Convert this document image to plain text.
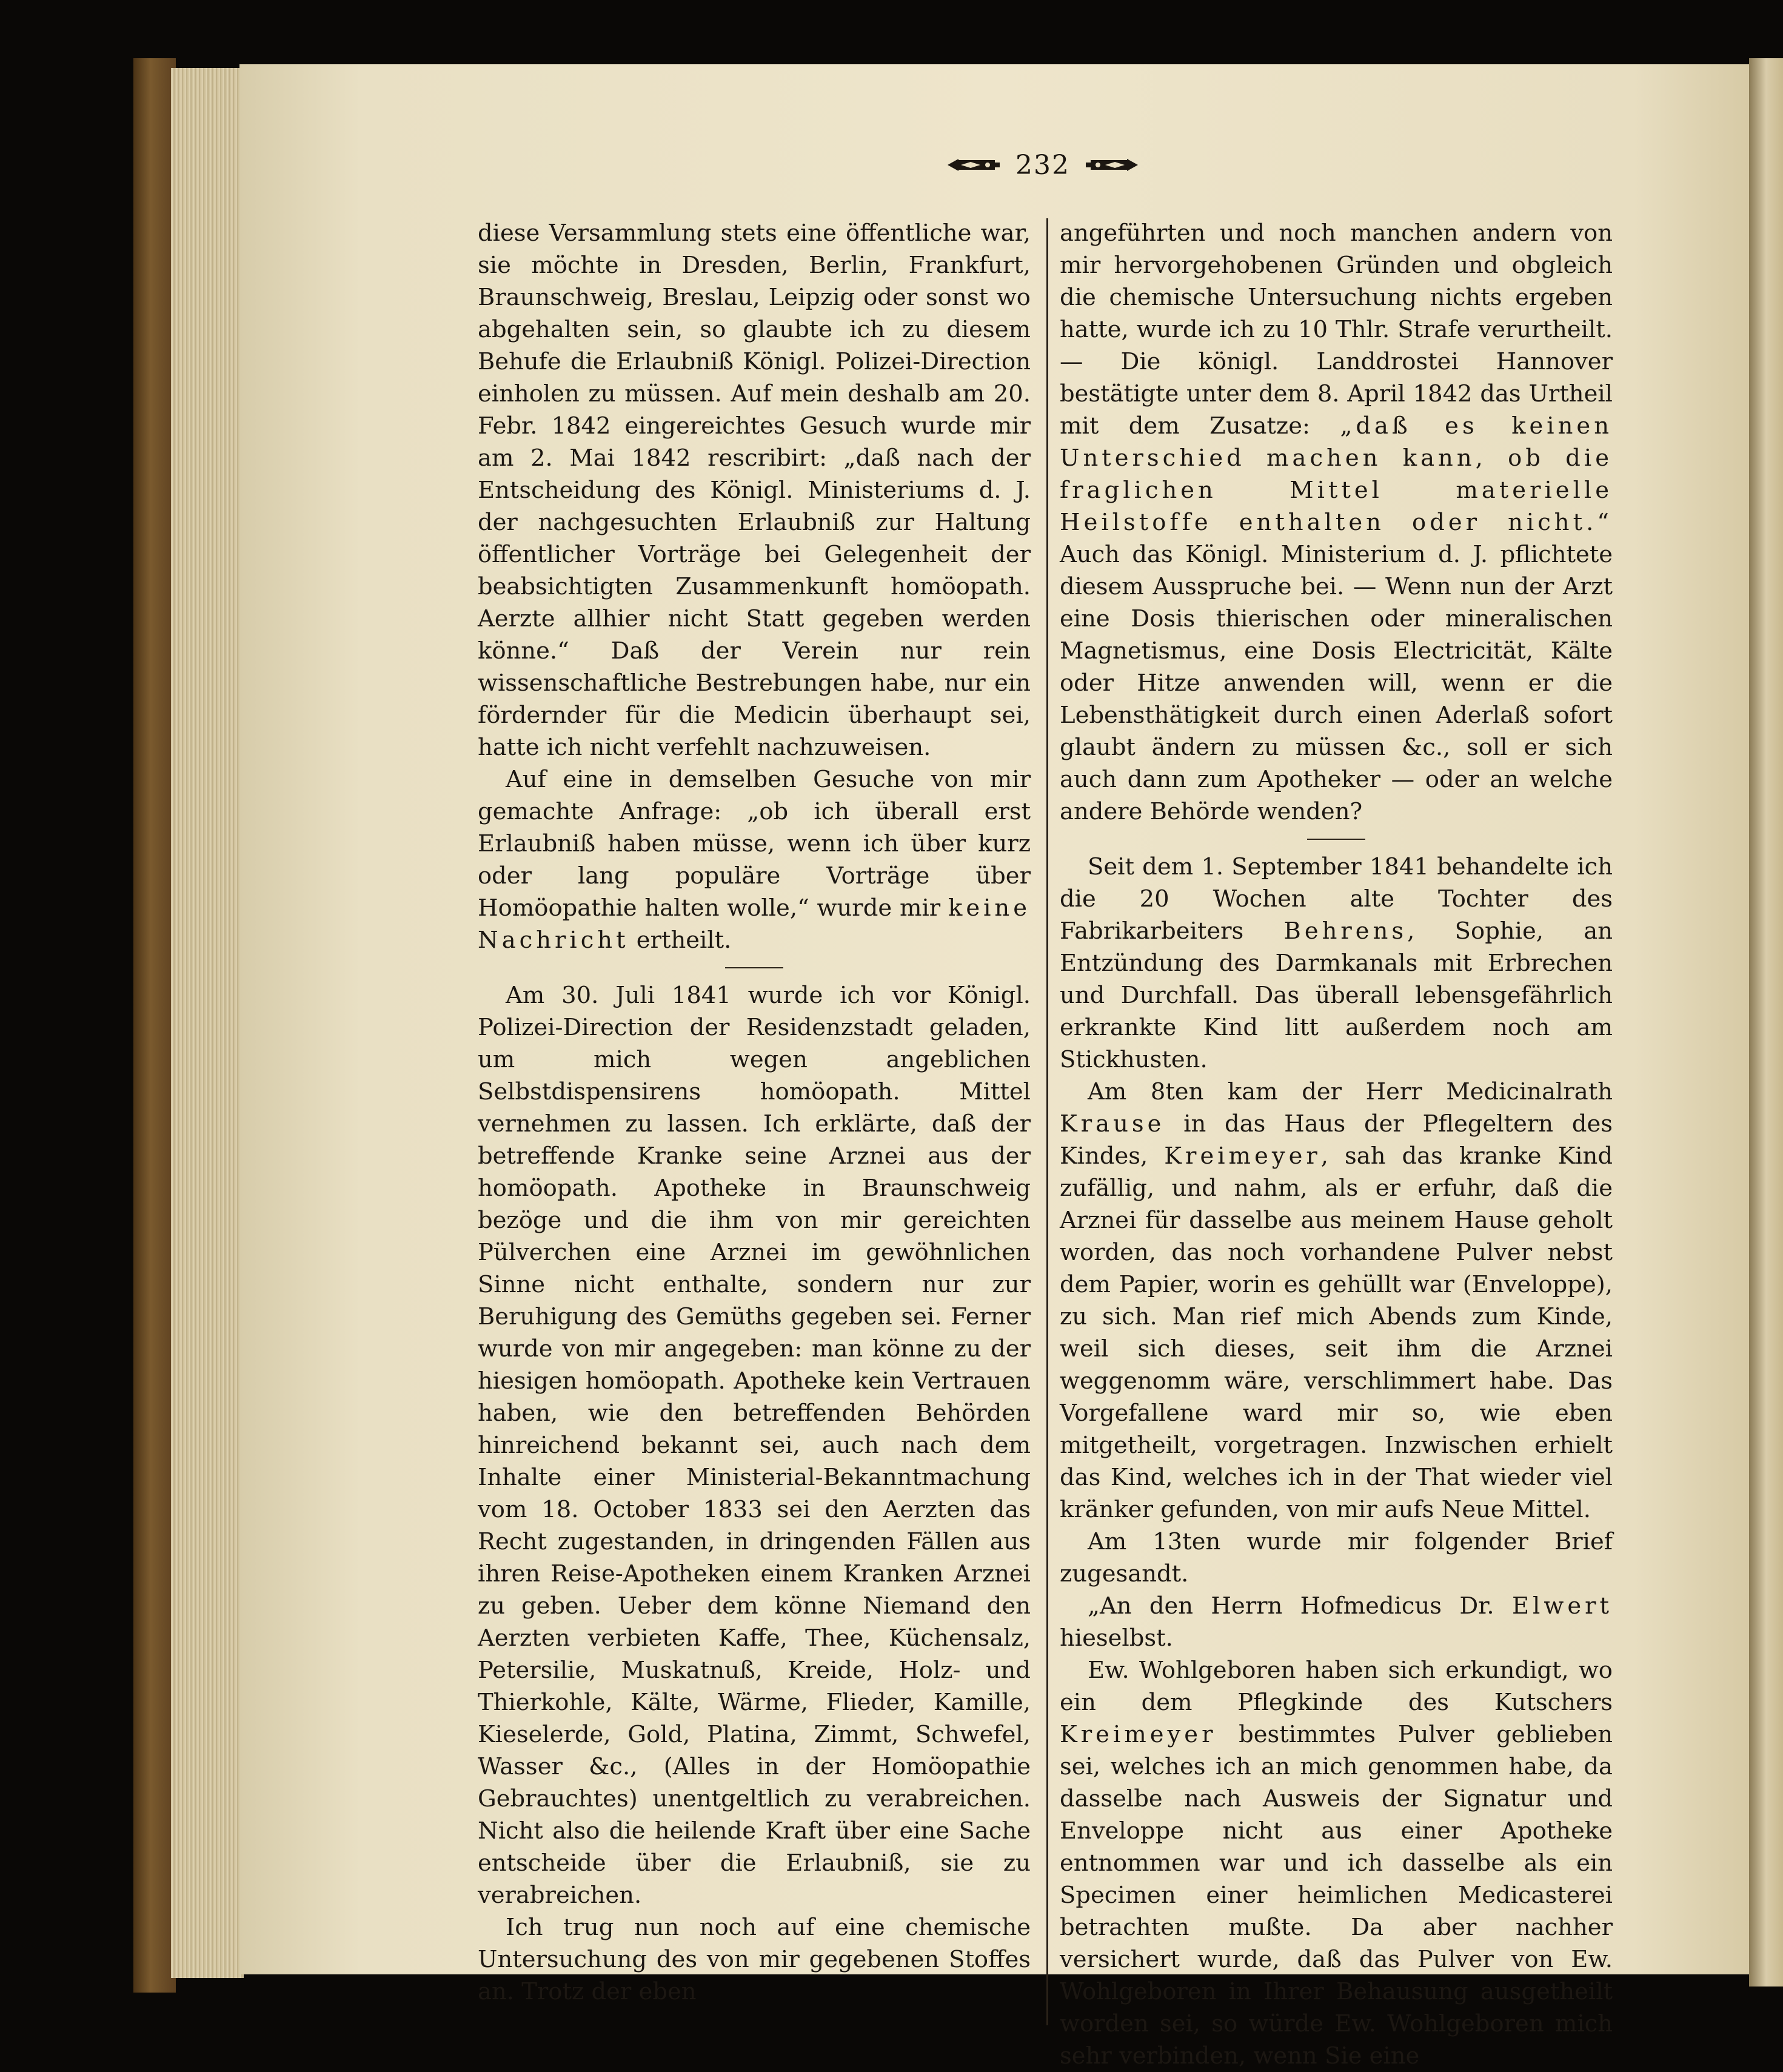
232

diese Versammlung stets eine öffentliche war, sie möchte in Dresden, Berlin, Frankfurt, Braunschweig, Breslau, Leipzig oder sonst wo abgehalten sein, so glaubte ich zu diesem Behufe die Erlaubniß Königl. Polizei-Direction einholen zu müssen. Auf mein deshalb am 20. Febr. 1842 eingereichtes Gesuch wurde mir am 2. Mai 1842 rescribirt: „daß nach der Entscheidung des Königl. Ministeriums d. J. der nachgesuchten Erlaubniß zur Haltung öffentlicher Vorträge bei Gelegenheit der beabsichtigten Zusammenkunft homöopath. Aerzte allhier nicht Statt gegeben werden könne.“ Daß der Verein nur rein wissenschaftliche Bestrebungen habe, nur ein fördernder für die Medicin überhaupt sei, hatte ich nicht verfehlt nachzuweisen.

Auf eine in demselben Gesuche von mir gemachte Anfrage: „ob ich überall erst Erlaubniß haben müsse, wenn ich über kurz oder lang populäre Vorträge über Homöopathie halten wolle,“ wurde mir keine Nachricht ertheilt.

Am 30. Juli 1841 wurde ich vor Königl. Polizei-Direction der Residenzstadt geladen, um mich wegen angeblichen Selbstdispensirens homöopath. Mittel vernehmen zu lassen. Ich erklärte, daß der betreffende Kranke seine Arznei aus der homöopath. Apotheke in Braunschweig bezöge und die ihm von mir gereichten Pülverchen eine Arznei im gewöhnlichen Sinne nicht enthalte, sondern nur zur Beruhigung des Gemüths gegeben sei. Ferner wurde von mir angegeben: man könne zu der hiesigen homöopath. Apotheke kein Vertrauen haben, wie den betreffenden Behörden hinreichend bekannt sei, auch nach dem Inhalte einer Ministerial-Bekanntmachung vom 18. October 1833 sei den Aerzten das Recht zugestanden, in dringenden Fällen aus ihren Reise-Apotheken einem Kranken Arznei zu geben. Ueber dem könne Niemand den Aerzten verbieten Kaffe, Thee, Küchensalz, Petersilie, Muskatnuß, Kreide, Holz- und Thierkohle, Kälte, Wärme, Flieder, Kamille, Kieselerde, Gold, Platina, Zimmt, Schwefel, Wasser &c., (Alles in der Homöopathie Gebrauchtes) unentgeltlich zu verabreichen. Nicht also die heilende Kraft über eine Sache entscheide über die Erlaubniß, sie zu verabreichen.

Ich trug nun noch auf eine chemische Untersuchung des von mir gegebenen Stoffes an. Trotz der eben

angeführten und noch manchen andern von mir hervorgehobenen Gründen und obgleich die chemische Untersuchung nichts ergeben hatte, wurde ich zu 10 Thlr. Strafe verurtheilt. — Die königl. Landdrostei Hannover bestätigte unter dem 8. April 1842 das Urtheil mit dem Zusatze: „daß es keinen Unterschied machen kann, ob die fraglichen Mittel materielle Heilstoffe enthalten oder nicht.“ Auch das Königl. Ministerium d. J. pflichtete diesem Ausspruche bei. — Wenn nun der Arzt eine Dosis thierischen oder mineralischen Magnetismus, eine Dosis Electricität, Kälte oder Hitze anwenden will, wenn er die Lebensthätigkeit durch einen Aderlaß sofort glaubt ändern zu müssen &c., soll er sich auch dann zum Apotheker — oder an welche andere Behörde wenden?

Seit dem 1. September 1841 behandelte ich die 20 Wochen alte Tochter des Fabrikarbeiters Behrens, Sophie, an Entzündung des Darmkanals mit Erbrechen und Durchfall. Das überall lebensgefährlich erkrankte Kind litt außerdem noch am Stickhusten.

Am 8ten kam der Herr Medicinalrath Krause in das Haus der Pflegeltern des Kindes, Kreimeyer, sah das kranke Kind zufällig, und nahm, als er erfuhr, daß die Arznei für dasselbe aus meinem Hause geholt worden, das noch vorhandene Pulver nebst dem Papier, worin es gehüllt war (Enveloppe), zu sich. Man rief mich Abends zum Kinde, weil sich dieses, seit ihm die Arznei weggenomm wäre, verschlimmert habe. Das Vorgefallene ward mir so, wie eben mitgetheilt, vorgetragen. Inzwischen erhielt das Kind, welches ich in der That wieder viel kränker gefunden, von mir aufs Neue Mittel.

Am 13ten wurde mir folgender Brief zugesandt.

„An den Herrn Hofmedicus Dr. Elwert hieselbst.

Ew. Wohlgeboren haben sich erkundigt, wo ein dem Pflegkinde des Kutschers Kreimeyer bestimmtes Pulver geblieben sei, welches ich an mich genommen habe, da dasselbe nach Ausweis der Signatur und Enveloppe nicht aus einer Apotheke entnommen war und ich dasselbe als ein Specimen einer heimlichen Medicasterei betrachten mußte. Da aber nachher versichert wurde, daß das Pulver von Ew. Wohlgeboren in Ihrer Behausung ausgetheilt worden sei, so würde Ew. Wohlgeboren mich sehr verbinden, wenn Sie eine
